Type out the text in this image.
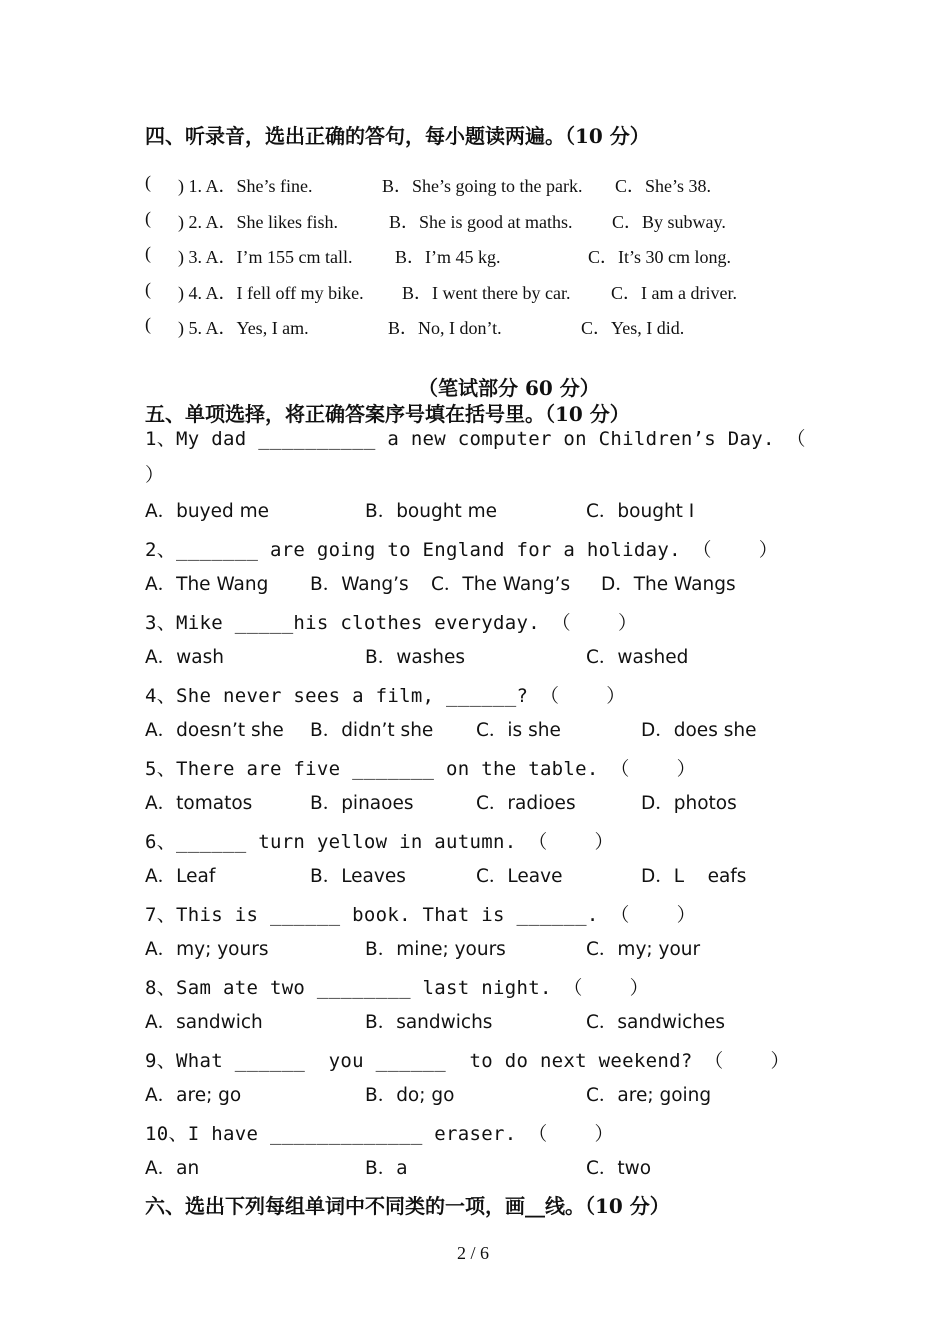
四、听录音，选出正确的答句，每小题读两遍。（10 分）
( ) 1. A．She’s fine.	B．She’s going to the park. C．She’s 38.
( ) 2. A．She likes fish.	B．She is good at maths. C．By subway.
( ) 3. A．I’m 155 cm tall. B．I’m 45 kg.	C．It’s 30 cm long.
( ) 4. A．I fell off my bike. B．I went there by car. C．I am a driver.
( ) 5. A．Yes, I am.	B．No, I don’t.	C．Yes, I did.
（笔试部分 60 分）
五、单项选择，将正确答案序号填在括号里。（10 分）
1、My dad __________ a new computer on Children’s Day. （
）
A．buyed me	B．bought me	C．bought I
2、_______ are going to England for a holiday. （    ）
A．The Wang B．Wang’s C．The Wang’s D．The Wangs
3、Mike _____his clothes everyday. （    ）
A．wash	B．washes	C．washed
4、She never sees a film, ______? （    ）
A．doesn’t she B．didn’t she C．is she	D．does she
5、There are five _______ on the table. （    ）
A．tomatos	B．pinaoes	C．radioes	D．photos
6、______ turn yellow in autumn. （    ）
A．Leaf	B．Leaves	C．Leave	D．L    eafs
7、This is ______ book. That is ______. （    ）
A．my; yours	B．mine; yours	C．my; your
8、Sam ate two ________ last night. （    ）
A．sandwich	B．sandwichs	C．sandwiches
9、What ______  you ______  to do next weekend? （    ）
A．are; go	B．do; go	C．are; going
10、I have _____________ eraser. （    ）
A．an	B．a	C．two
六、选出下列每组单词中不同类的一项，画__线。（10 分）
2 / 6
